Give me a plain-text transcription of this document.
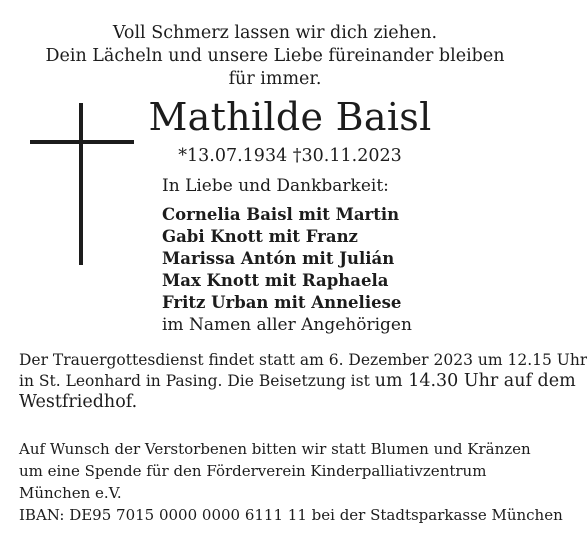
Voll Schmerz lassen wir dich ziehen.
Dein Lächeln und unsere Liebe füreinander bleiben
für immer.
Mathilde Baisl
*13.07.1934 †30.11.2023
In Liebe und Dankbarkeit:
Cornelia Baisl mit Martin
Gabi Knott mit Franz
Marissa Antón mit Julián
Max Knott mit Raphaela
Fritz Urban mit Anneliese
im Namen aller Angehörigen
Der Trauergottesdienst findet statt am 6. Dezember 2023 um 12.15 Uhr
in St. Leonhard in Pasing. Die Beisetzung ist um 14.30 Uhr auf dem
Westfriedhof.
Auf Wunsch der Verstorbenen bitten wir statt Blumen und Kränzen
um eine Spende für den Förderverein Kinderpalliativzentrum
München e.V.
IBAN: DE95 7015 0000 0000 6111 11 bei der Stadtsparkasse München
